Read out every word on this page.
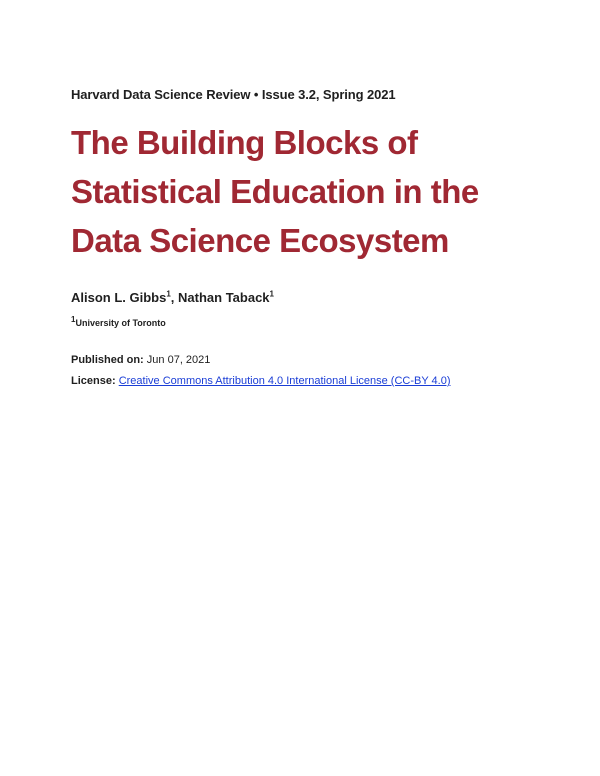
Harvard Data Science Review • Issue 3.2, Spring 2021
The Building Blocks of
Statistical Education in the
Data Science Ecosystem
Alison L. Gibbs$^1$, Nathan Taback$^1$
$^1$University of Toronto
Published on: Jun 07, 2021
License: Creative Commons Attribution 4.0 International License (CC-BY 4.0)
